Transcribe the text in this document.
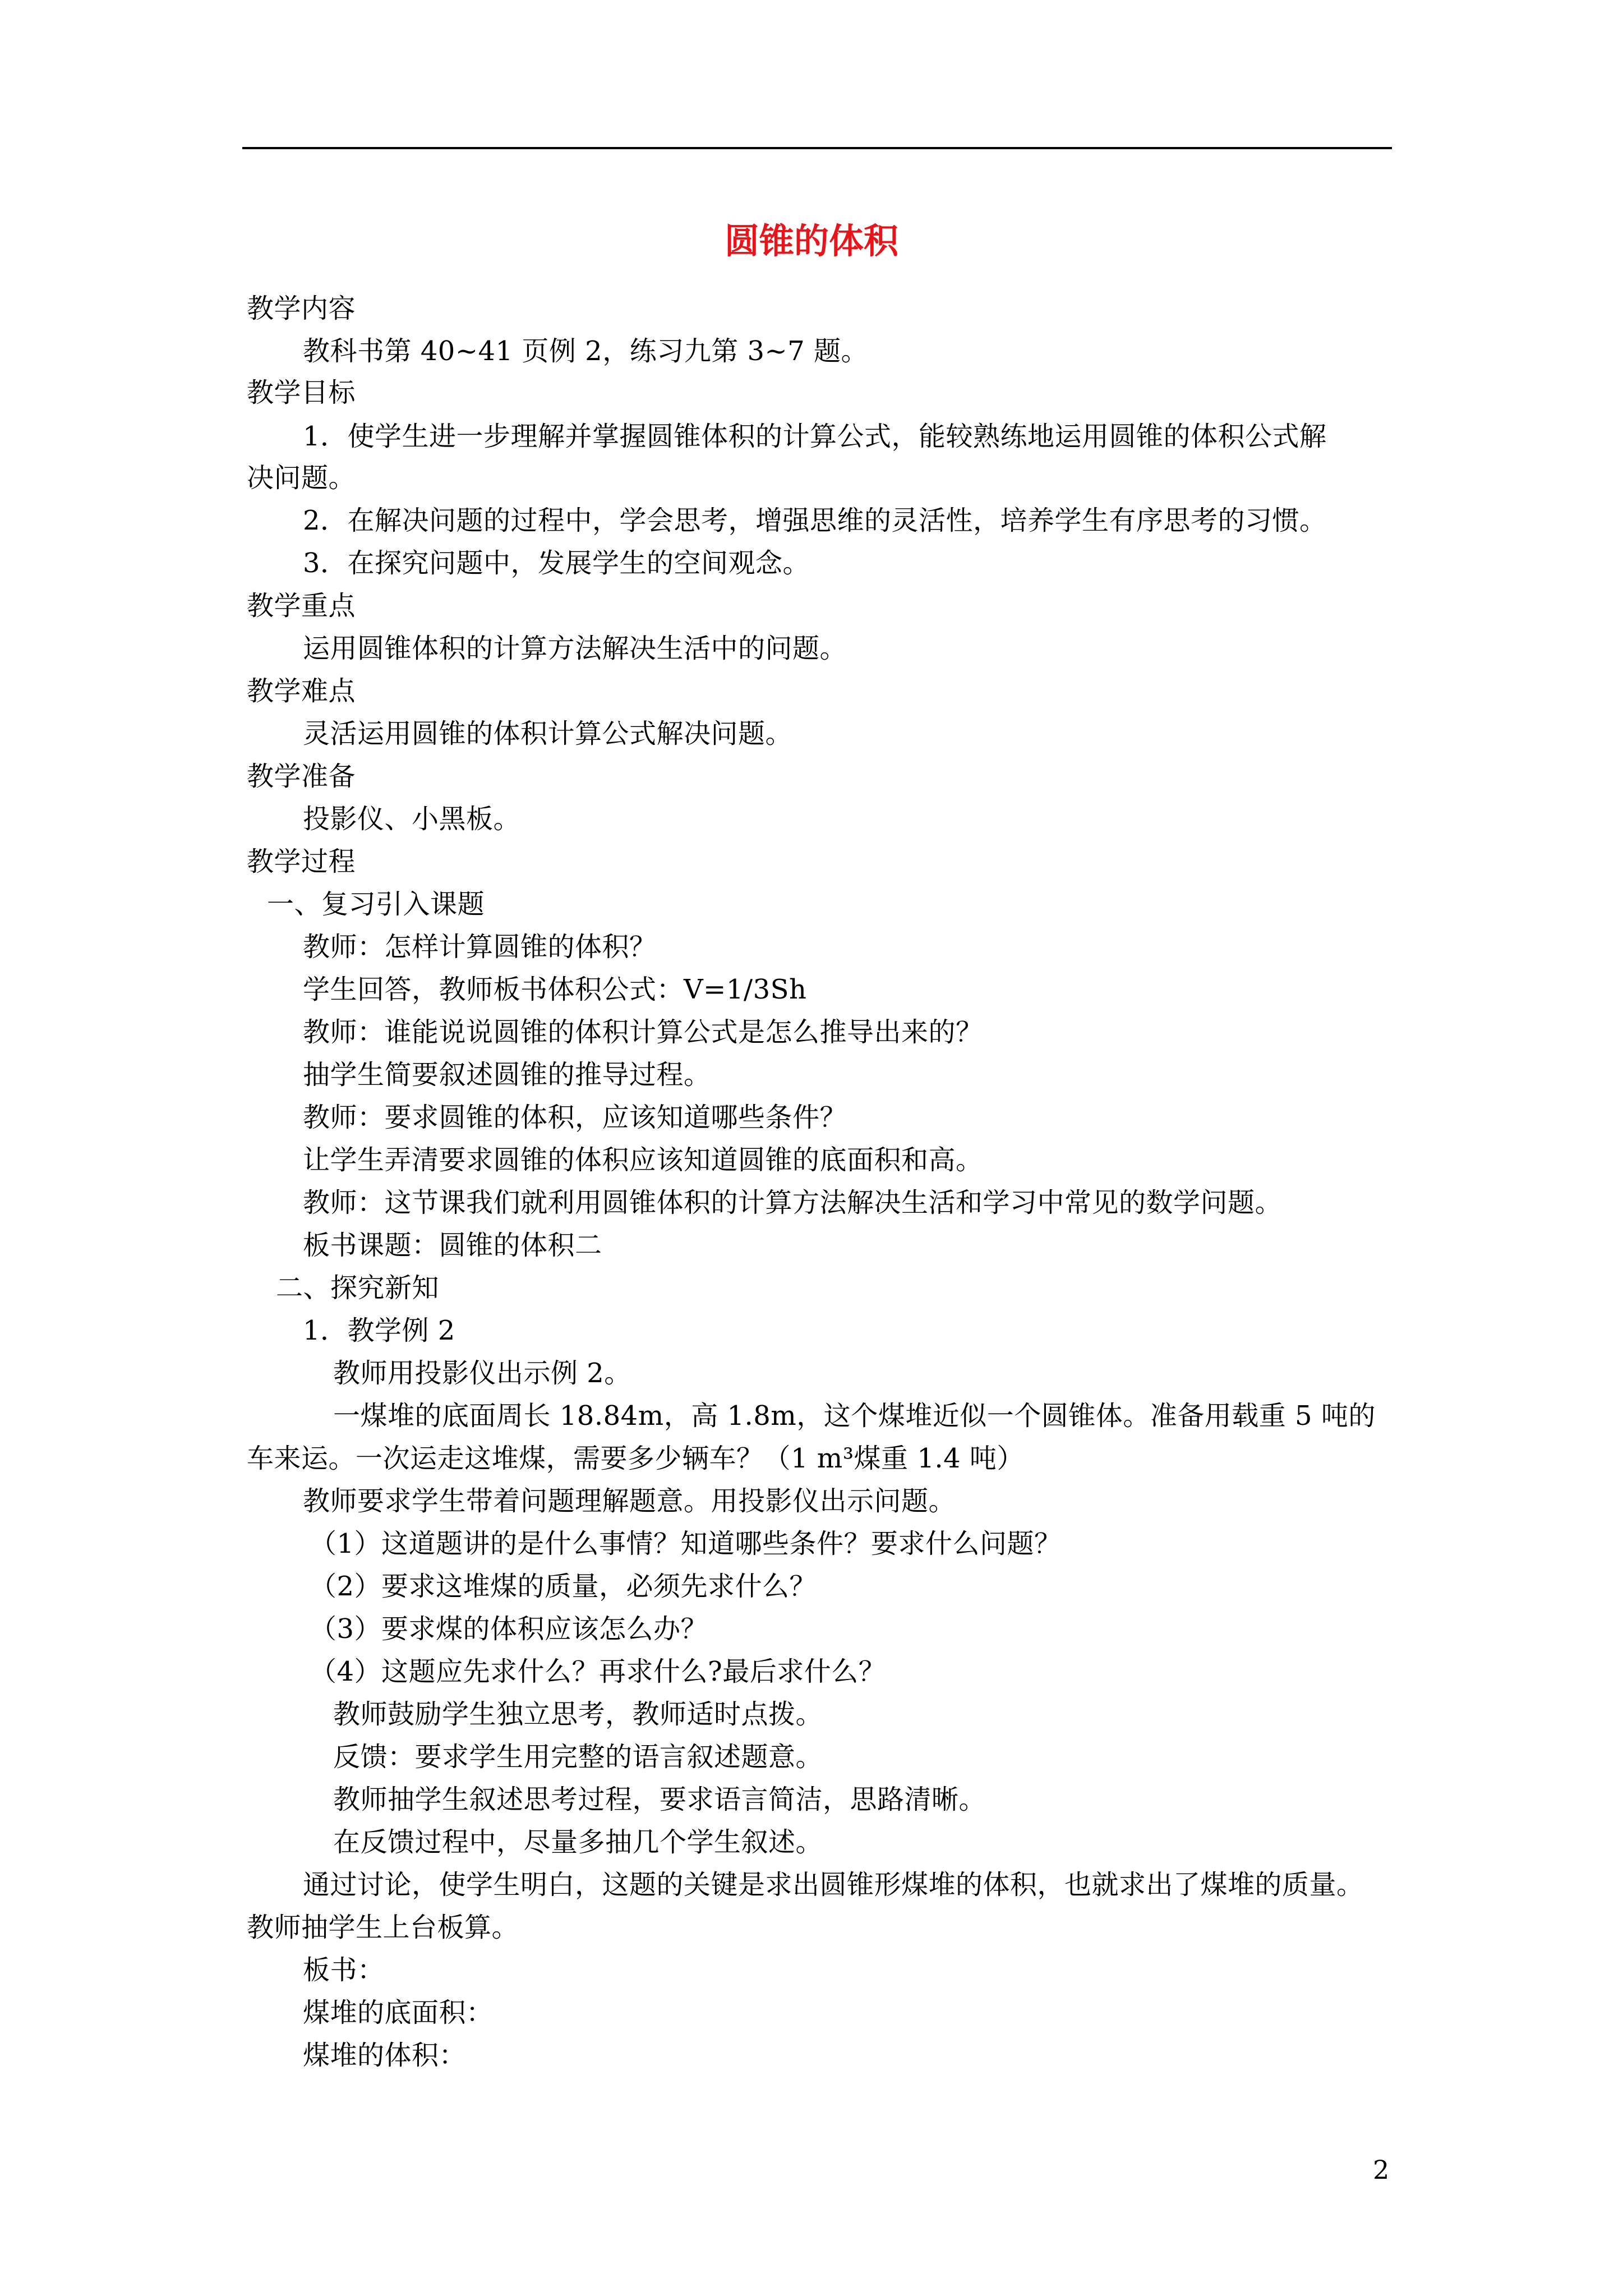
圆锥的体积
教学内容
教科书第 40~41 页例 2，练习九第 3~7 题。
教学目标
1．使学生进一步理解并掌握圆锥体积的计算公式，能较熟练地运用圆锥的体积公式解
决问题。
2．在解决问题的过程中，学会思考，增强思维的灵活性，培养学生有序思考的习惯。
3．在探究问题中，发展学生的空间观念。
教学重点
运用圆锥体积的计算方法解决生活中的问题。
教学难点
灵活运用圆锥的体积计算公式解决问题。
教学准备
投影仪、小黑板。
教学过程
一、复习引入课题
教师：怎样计算圆锥的体积？
学生回答，教师板书体积公式：V=1/3Sh
教师：谁能说说圆锥的体积计算公式是怎么推导出来的？
抽学生简要叙述圆锥的推导过程。
教师：要求圆锥的体积，应该知道哪些条件？
让学生弄清要求圆锥的体积应该知道圆锥的底面积和高。
教师：这节课我们就利用圆锥体积的计算方法解决生活和学习中常见的数学问题。
板书课题：圆锥的体积二
二、探究新知
1．教学例 2
教师用投影仪出示例 2。
一煤堆的底面周长 18.84m，高 1.8m，这个煤堆近似一个圆锥体。准备用载重 5 吨的
车来运。一次运走这堆煤，需要多少辆车？（1 m³煤重 1.4 吨）
教师要求学生带着问题理解题意。用投影仪出示问题。
（1）这道题讲的是什么事情？知道哪些条件？要求什么问题？
（2）要求这堆煤的质量，必须先求什么？
（3）要求煤的体积应该怎么办？
（4）这题应先求什么？再求什么?最后求什么？
教师鼓励学生独立思考，教师适时点拨。
反馈：要求学生用完整的语言叙述题意。
教师抽学生叙述思考过程，要求语言简洁，思路清晰。
在反馈过程中，尽量多抽几个学生叙述。
通过讨论，使学生明白，这题的关键是求出圆锥形煤堆的体积，也就求出了煤堆的质量。
教师抽学生上台板算。
板书：
煤堆的底面积：
煤堆的体积：
2
